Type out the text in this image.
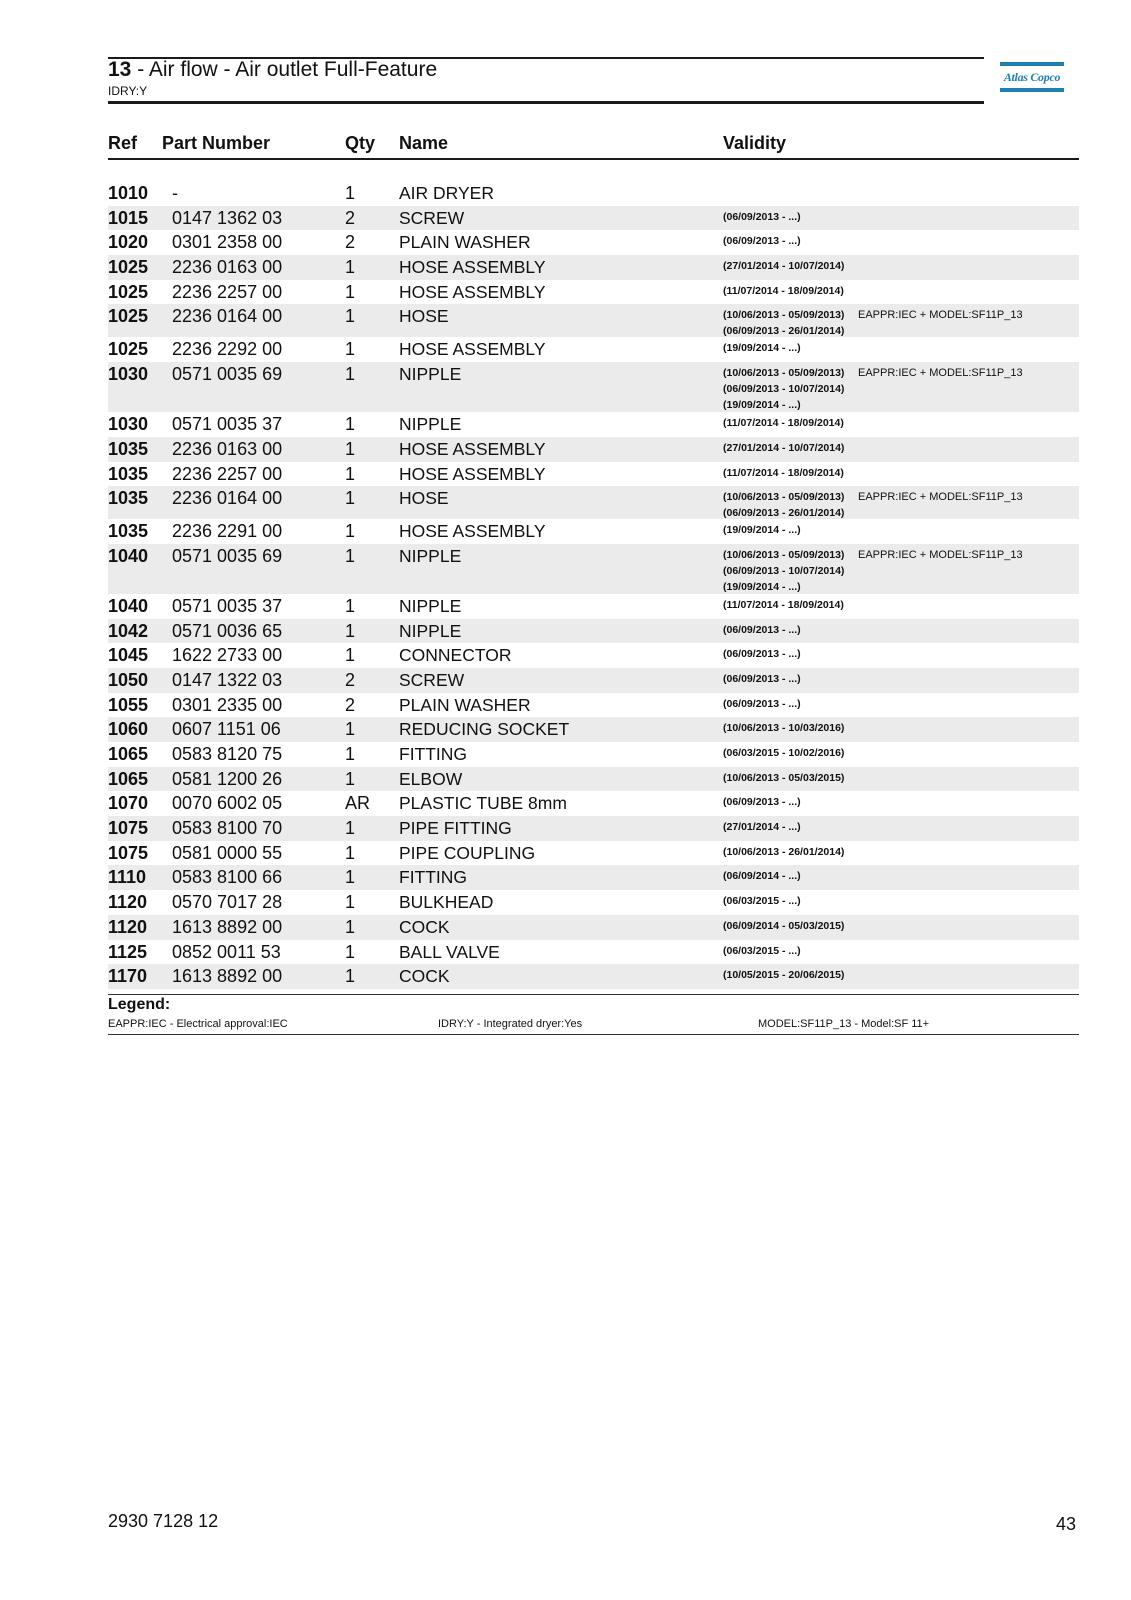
13 - Air flow - Air outlet Full-Feature
IDRY:Y
Atlas Copco
Ref Part Number	Qty Name	Validity
1010 -	1	AIR DRYER
1015 0147 1362 03	2	SCREW	(06/09/2013 - ...)
1020 0301 2358 00	2	PLAIN WASHER	(06/09/2013 - ...)
1025 2236 0163 00	1	HOSE ASSEMBLY	(27/01/2014 - 10/07/2014)
1025 2236 2257 00	1	HOSE ASSEMBLY	(11/07/2014 - 18/09/2014)
1025 2236 0164 00	1	HOSE	(10/06/2013 - 05/09/2013)
(06/09/2013 - 26/01/2014)
EAPPR:IEC + MODEL:SF11P_13
1025 2236 2292 00	1	HOSE ASSEMBLY	(19/09/2014 - ...)
1030 0571 0035 69	1	NIPPLE	(10/06/2013 - 05/09/2013)
(06/09/2013 - 10/07/2014)
(19/09/2014 - ...)
EAPPR:IEC + MODEL:SF11P_13
1030 0571 0035 37	1	NIPPLE	(11/07/2014 - 18/09/2014)
1035 2236 0163 00	1	HOSE ASSEMBLY	(27/01/2014 - 10/07/2014)
1035 2236 2257 00	1	HOSE ASSEMBLY	(11/07/2014 - 18/09/2014)
1035 2236 0164 00	1	HOSE	(10/06/2013 - 05/09/2013)
(06/09/2013 - 26/01/2014)
EAPPR:IEC + MODEL:SF11P_13
1035 2236 2291 00	1	HOSE ASSEMBLY	(19/09/2014 - ...)
1040 0571 0035 69	1	NIPPLE	(10/06/2013 - 05/09/2013)
(06/09/2013 - 10/07/2014)
(19/09/2014 - ...)
EAPPR:IEC + MODEL:SF11P_13
1040 0571 0035 37	1	NIPPLE	(11/07/2014 - 18/09/2014)
1042 0571 0036 65	1	NIPPLE	(06/09/2013 - ...)
1045 1622 2733 00	1	CONNECTOR	(06/09/2013 - ...)
1050 0147 1322 03	2	SCREW	(06/09/2013 - ...)
1055 0301 2335 00	2	PLAIN WASHER	(06/09/2013 - ...)
1060 0607 1151 06	1	REDUCING SOCKET	(10/06/2013 - 10/03/2016)
1065 0583 8120 75	1	FITTING	(06/03/2015 - 10/02/2016)
1065 0581 1200 26	1	ELBOW	(10/06/2013 - 05/03/2015)
1070 0070 6002 05	AR PLASTIC TUBE 8mm	(06/09/2013 - ...)
1075 0583 8100 70	1	PIPE FITTING	(27/01/2014 - ...)
1075 0581 0000 55	1	PIPE COUPLING	(10/06/2013 - 26/01/2014)
1110 0583 8100 66	1	FITTING	(06/09/2014 - ...)
1120 0570 7017 28	1	BULKHEAD	(06/03/2015 - ...)
1120 1613 8892 00	1	COCK	(06/09/2014 - 05/03/2015)
1125 0852 0011 53	1	BALL VALVE	(06/03/2015 - ...)
1170 1613 8892 00	1	COCK	(10/05/2015 - 20/06/2015)
Legend:
EAPPR:IEC - Electrical approval:IEC	IDRY:Y - Integrated dryer:Yes	MODEL:SF11P_13 - Model:SF 11+
2930 7128 12	43
